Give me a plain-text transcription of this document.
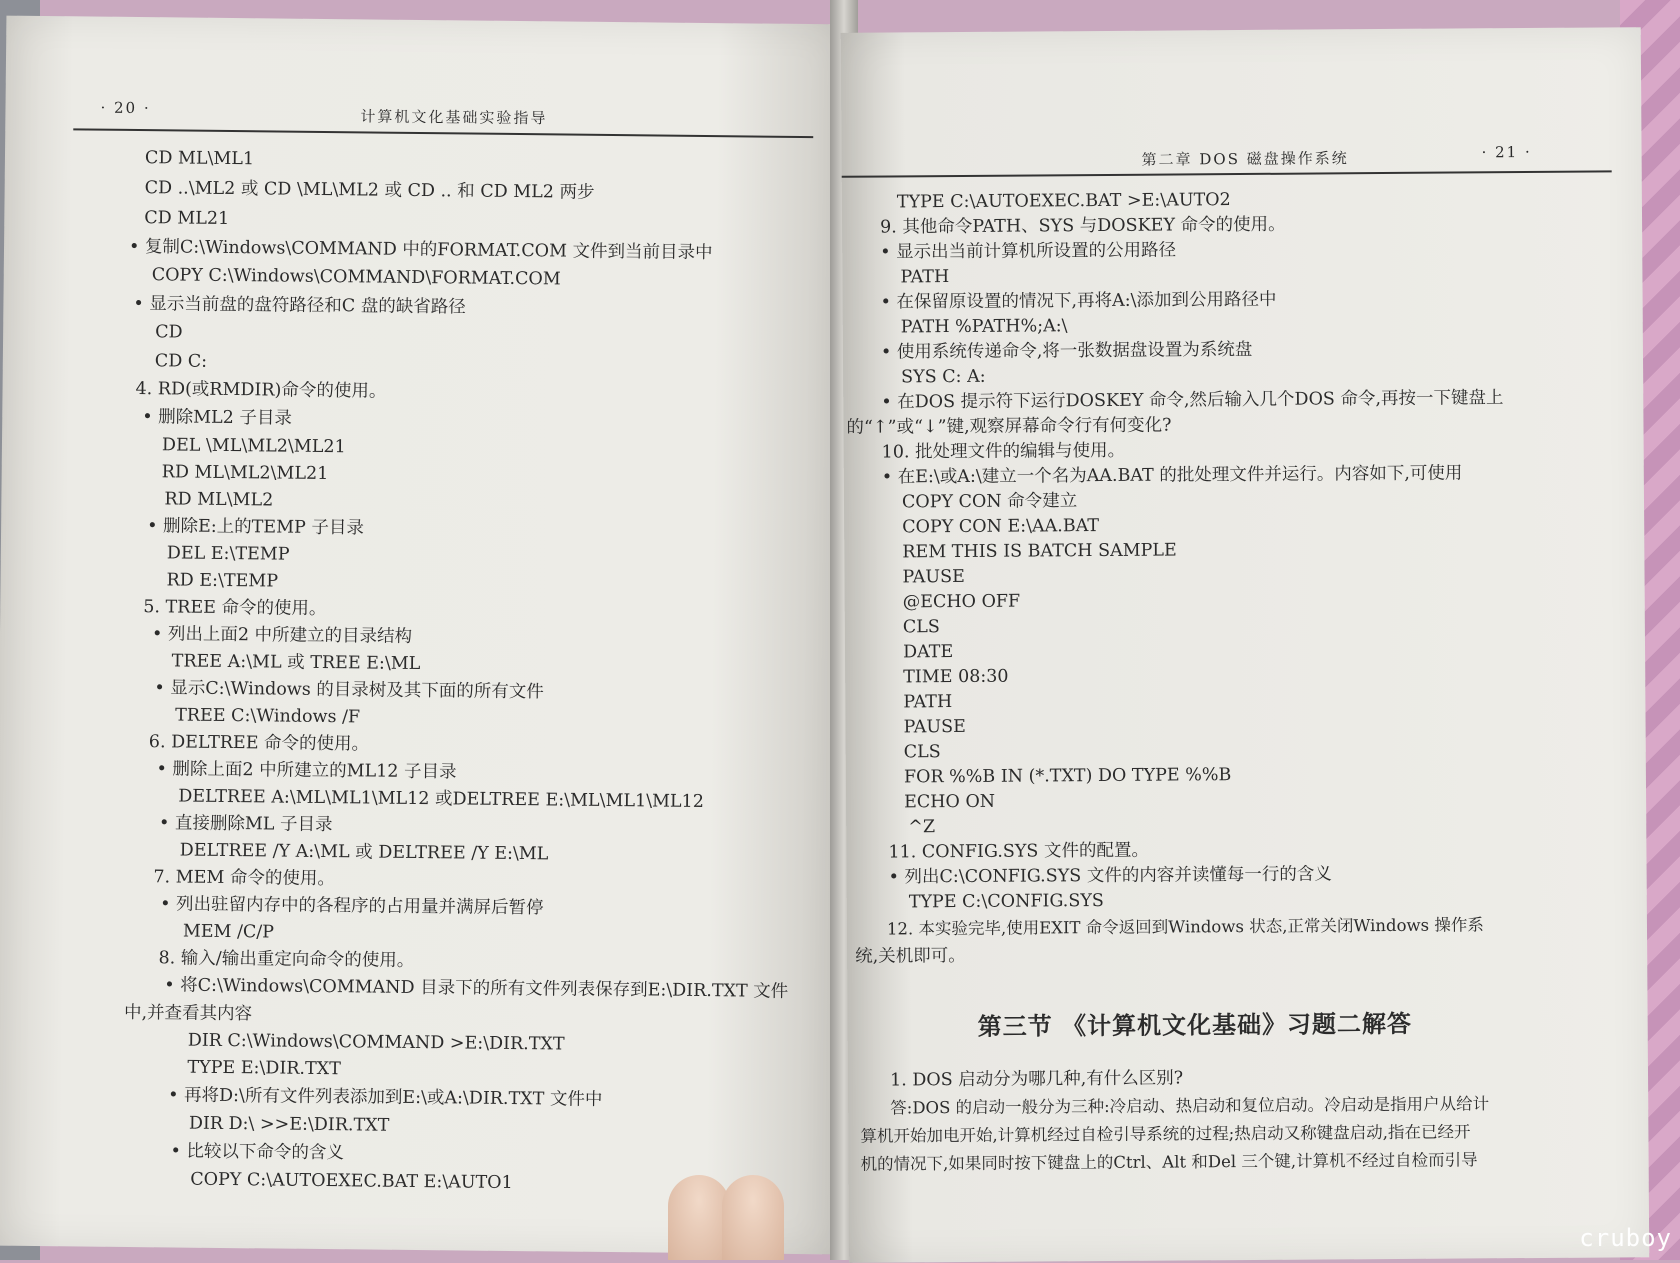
· 20 ·	计算机文化基础实验指导
CD ML\ML1
CD ..\ML2 或 CD \ML\ML2 或 CD .. 和 CD ML2 两步
CD ML21
• 复制C:\Windows\COMMAND 中的FORMAT.COM 文件到当前目录中
COPY C:\Windows\COMMAND\FORMAT.COM
• 显示当前盘的盘符路径和C 盘的缺省路径
CD
CD C:
4. RD(或RMDIR)命令的使用。
• 删除ML2 子目录
DEL \ML\ML2\ML21
RD ML\ML2\ML21
RD ML\ML2
• 删除E:上的TEMP 子目录
DEL E:\TEMP
RD E:\TEMP
5. TREE 命令的使用。
• 列出上面2 中所建立的目录结构
TREE A:\ML 或 TREE E:\ML
• 显示C:\Windows 的目录树及其下面的所有文件
TREE C:\Windows /F
6. DELTREE 命令的使用。
• 删除上面2 中所建立的ML12 子目录
DELTREE A:\ML\ML1\ML12 或DELTREE E:\ML\ML1\ML12
• 直接删除ML 子目录
DELTREE /Y A:\ML 或 DELTREE /Y E:\ML
7. MEM 命令的使用。
• 列出驻留内存中的各程序的占用量并满屏后暂停
MEM /C/P
8. 输入/输出重定向命令的使用。
• 将C:\Windows\COMMAND 目录下的所有文件列表保存到E:\DIR.TXT 文件
中,并查看其内容
DIR C:\Windows\COMMAND >E:\DIR.TXT
TYPE E:\DIR.TXT
• 再将D:\所有文件列表添加到E:\或A:\DIR.TXT 文件中
DIR D:\ >>E:\DIR.TXT
• 比较以下命令的含义
COPY C:\AUTOEXEC.BAT E:\AUTO1
第二章 DOS 磁盘操作系统	· 21 ·
TYPE C:\AUTOEXEC.BAT >E:\AUTO2
9. 其他命令PATH、SYS 与DOSKEY 命令的使用。
• 显示出当前计算机所设置的公用路径
PATH
• 在保留原设置的情况下,再将A:\添加到公用路径中
PATH %PATH%;A:\
• 使用系统传递命令,将一张数据盘设置为系统盘
SYS C: A:
• 在DOS 提示符下运行DOSKEY 命令,然后输入几个DOS 命令,再按一下键盘上
的“↑”或“↓”键,观察屏幕命令行有何变化?
10. 批处理文件的编辑与使用。
• 在E:\或A:\建立一个名为AA.BAT 的批处理文件并运行。内容如下,可使用
COPY CON 命令建立
COPY CON E:\AA.BAT
REM THIS IS BATCH SAMPLE
PAUSE
@ECHO OFF
CLS
DATE
TIME 08:30
PATH
PAUSE
CLS
FOR %%B IN (*.TXT) DO TYPE %%B
ECHO ON
^Z
11. CONFIG.SYS 文件的配置。
• 列出C:\CONFIG.SYS 文件的内容并读懂每一行的含义
TYPE C:\CONFIG.SYS
12. 本实验完毕,使用EXIT 命令返回到Windows 状态,正常关闭Windows 操作系
统,关机即可。
第三节 《计算机文化基础》习题二解答
1. DOS 启动分为哪几种,有什么区别?
答:DOS 的启动一般分为三种:冷启动、热启动和复位启动。冷启动是指用户从给计
算机开始加电开始,计算机经过自检引导系统的过程;热启动又称键盘启动,指在已经开
机的情况下,如果同时按下键盘上的Ctrl、Alt 和Del 三个键,计算机不经过自检而引导
cruboy
